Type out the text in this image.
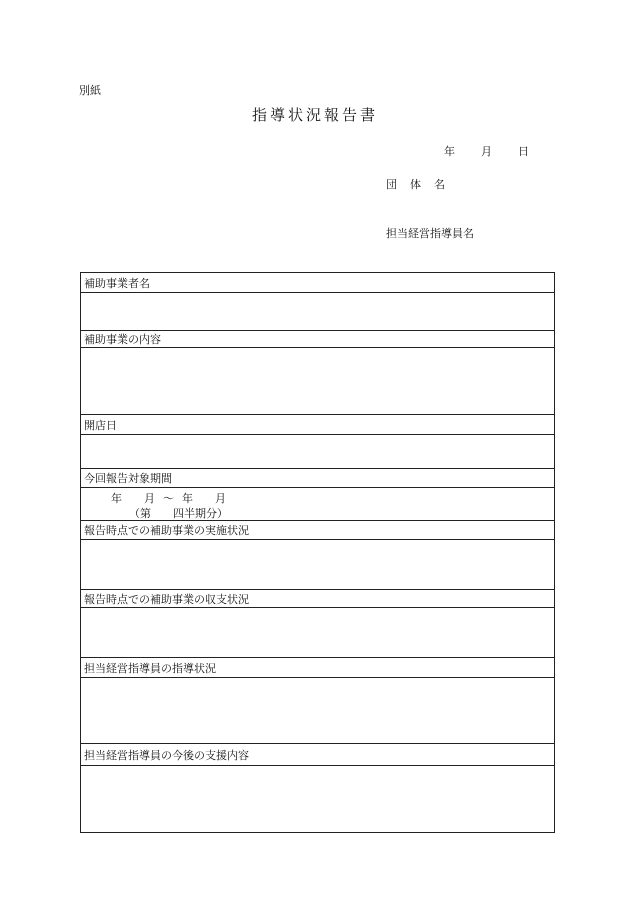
別紙
指導状況報告書
年 月 日
団体名
担当経営指導員名
補助事業者名
補助事業の内容
開店日
今回報告対象期間
年 月 ～ 年 月
（第　　四半期分）
報告時点での補助事業の実施状況
報告時点での補助事業の収支状況
担当経営指導員の指導状況
担当経営指導員の今後の支援内容
